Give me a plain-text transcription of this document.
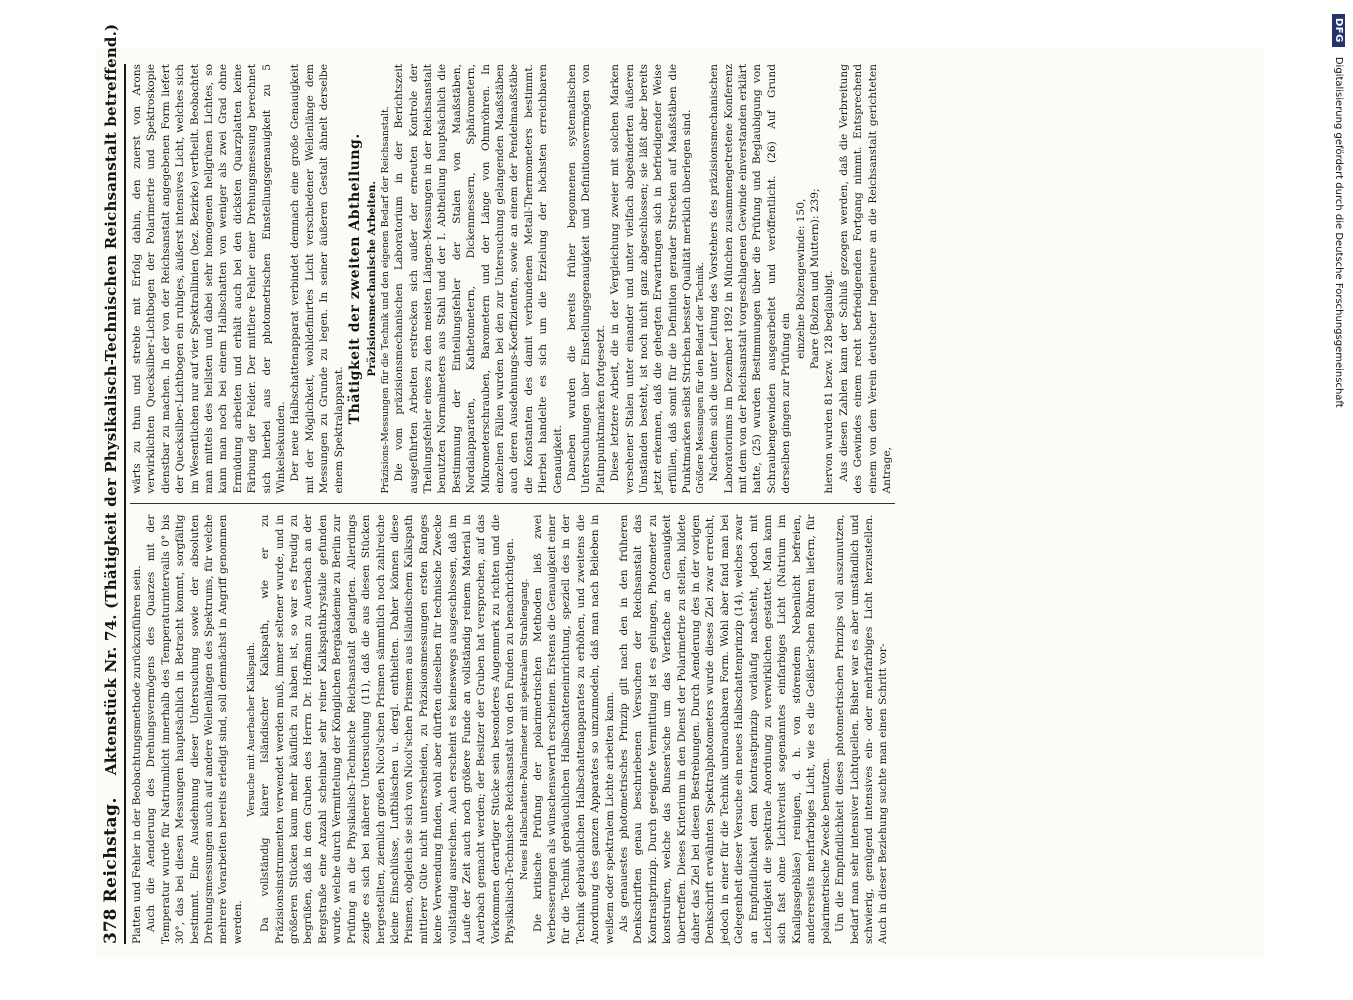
378
Reichstag.
Aktenstück Nr. 74. (Thätigkeit der Physikalisch-Technischen Reichsanstalt betreffend.) Platten und Fehler in der Beobachtungsmethode zurückzuführen sein. Auch die Aenderung des Drehungsvermögens des Quarzes mit der Temperatur wurde für Natriumlicht innerhalb des Temperaturintervalls 0° bis 30°, das bei diesen Messungen hauptsächlich in Betracht kommt, sorgfältig bestimmt. Eine Ausdehnung dieser Untersuchung sowie der absoluten Drehungsmessungen auch auf andere Wellenlängen des Spektrums, für welche mehrere Vorarbeiten bereits erledigt sind, soll demnächst in Angriff genommen werden.

Versuche mit Auerbacher Kalkspath. Da vollständig klarer Isländischer Kalkspath, wie er zu Präzisionsinstrumenten verwendet werden muß, immer seltener wurde, und in größeren Stücken kaum mehr käuflich zu haben ist, so war es freudig zu begrüßen, daß in den Gruben des Herrn Dr. Hoffmann zu Auerbach an der Bergstraße eine Anzahl scheinbar sehr reiner Kalkspathkrystalle gefunden wurde, welche durch Vermittelung der Königlichen Bergakademie zu Berlin zur Prüfung an die Physikalisch-Technische Reichsanstalt gelangten. Allerdings zeigte es sich bei näherer Untersuchung (11), daß die aus diesen Stücken hergestellten, ziemlich großen Nicol'schen Prismen sämmtlich noch zahlreiche kleine Einschlüsse, Luftbläschen u. dergl. enthielten. Daher können diese Prismen, obgleich sie sich von Nicol'schen Prismen aus Isländischem Kalkspath mittlerer Güte nicht unterscheiden, zu Präzisionsmessungen ersten Ranges keine Verwendung finden, wohl aber dürften dieselben für technische Zwecke vollständig ausreichen. Auch erscheint es keineswegs ausgeschlossen, daß im Laufe der Zeit auch noch größere Funde an vollständig reinem Material in Auerbach gemacht werden; der Besitzer der Gruben hat versprochen, auf das Vorkommen derartiger Stücke sein besonderes Augenmerk zu richten und die Physikalisch-Technische Reichsanstalt von den Funden zu benachrichtigen. Neues Halbschatten-Polarimeter mit spektralem Strahlengang. Die kritische Prüfung der polarimetrischen Methoden ließ zwei Verbesserungen als wünschenswerth erscheinen. Erstens die Genauigkeit einer für die Technik gebräuchlichen Halbschatteneinrichtung, speziell des in der Technik gebräuchlichen Halbschattenapparates zu erhöhen, und zweitens die Anordnung des ganzen Apparates so umzumodeln, daß man nach Belieben in weißem oder spektralem Lichte arbeiten kann. Als genauestes photometrisches Prinzip gilt nach den in den früheren Denkschriften genau beschriebenen Versuchen der Reichsanstalt das Kontrastprinzip. Durch geeignete Vermittlung ist es gelungen, Photometer zu konstruiren, welche das Bunsen'sche um das Vierfache an Genauigkeit übertreffen. Dieses Kriterium in den Dienst der Polarimetrie zu stellen, bildete daher das Ziel bei diesen Bestrebungen. Durch Aenderung des in der vorigen Denkschrift erwähnten Spektralphotometers wurde dieses Ziel zwar erreicht, jedoch in einer für die Technik unbrauchbaren Form. Wohl aber fand man bei Gelegenheit dieser Versuche ein neues Halbschattenprinzip (14), welches zwar an Empfindlichkeit dem Kontrastprinzip vorläufig nachsteht, jedoch mit Leichtigkeit die spektrale Anordnung zu verwirklichen gestattet. Man kann sich fast ohne Lichtverlust sogenanntes einfarbiges Licht (Natrium im Knallgasgebläse) reinigen, d. h. von störendem Nebenlicht befreien, andererseits mehrfarbiges Licht, wie es die Geißler'schen Röhren liefern, für polarimetrische Zwecke benutzen. Um die Empfindlichkeit dieses photometrischen Prinzips voll auszunutzen, bedarf man sehr intensiver Lichtquellen. Bisher war es aber umständlich und schwierig, genügend intensives ein- oder mehrfarbiges Licht herzustellen. Auch in dieser Beziehung suchte man einen Schritt vor-

wärts zu thun und strebte mit Erfolg dahin, den zuerst von Arons verwirklichten Quecksilber-Lichtbogen der Polarimetrie und Spektroskopie dienstbar zu machen. In der von der Reichsanstalt angegebenen Form liefert der Quecksilber-Lichtbogen ein ruhiges, äußerst intensives Licht, welches sich im Wesentlichen nur auf vier Spektrallinien (bez. Bezirke) vertheilt. Beobachtet man mittels des hellsten und dabei sehr homogenen hellgrünen Lichtes, so kann man noch bei einem Halbschatten von weniger als zwei Grad ohne Ermüdung arbeiten und erhält auch bei den dicksten Quarzplatten keine Färbung der Felder. Der mittlere Fehler einer Drehungsmessung berechnet sich hierbei aus der photometrischen Einstellungsgenauigkeit zu 5 Winkelsekunden. Der neue Halbschattenapparat verbindet demnach eine große Genauigkeit mit der Möglichkeit, wohldefinirtes Licht verschiedener Wellenlänge dem Messungen zu Grunde zu legen. In seiner äußeren Gestalt ähnelt derselbe einem Spektralapparat.

Thätigkeit der zweiten Abtheilung. Präzisionsmechanische Arbeiten. Präzisions-Messungen für die Technik und den eigenen Bedarf der Reichsanstalt. Die vom präzisionsmechanischen Laboratorium in der Berichtszeit ausgeführten Arbeiten erstrecken sich außer der erneuten Kontrole der Theilungsfehler eines zu den meisten Längen-Messungen in der Reichsanstalt benutzten Normalmeters aus Stahl und der I. Abtheilung hauptsächlich die Bestimmung der Einteilungsfehler der Stalen von Maaßstäben, Nordalapparaten, Kathetometern, Dickenmessern, Sphärometern, Mikrometerschrauben, Barometern und der Länge von Ohmröhren. In einzelnen Fällen wurden bei den zur Untersuchung gelangenden Maaßstäben auch deren Ausdehnungs-Koeffizienten, sowie an einem der Pendelmaaßstäbe die Konstanten des damit verbundenen Metall-Thermometers bestimmt. Hierbei handelte es sich um die Erzielung der höchsten erreichbaren Genauigkeit. Daneben wurden die bereits früher begonnenen systematischen Untersuchungen über Einstellungsgenauigkeit und Definitionsvermögen von Platinpunktmarken fortgesetzt. Diese letztere Arbeit, die in der Vergleichung zweier mit solchen Marken versehener Stalen unter einander und unter vielfach abgeänderten äußeren Umständen besteht, ist noch nicht ganz abgeschlossen; sie läßt aber bereits jetzt erkennen, daß die gehegten Erwartungen sich in befriedigender Weise erfüllen, daß somit für die Definition gerader Strecken auf Maaßstäben die Punktmarken selbst Strichen besster Qualität merklich überlegen sind. Größere Messungen für den Bedarf der Technik. Nachdem sich die unter Leitung des Vorstehers des präzisionsmechanischen Laboratoriums im Dezember 1892 in München zusammengetretene Konferenz mit dem von der Reichsanstalt vorgeschlagenen Gewinde einverstanden erklärt hatte, (25) wurden Bestimmungen über die Prüfung und Beglaubigung von Schraubengewinden ausgearbeitet und veröffentlicht. (26) Auf Grund derselben gingen zur Prüfung ein

einzelne Bolzengewinde: 150, Paare (Bolzen und Muttern): 239; hiervon wurden 81 bezw. 128 beglaubigt. Aus diesen Zahlen kann der Schluß gezogen werden, daß die Verbreitung des Gewindes einem recht befriedigenden Fortgang nimmt. Entsprechend einem von dem Verein deutscher Ingenieure an die Reichsanstalt gerichteten Antrage,

DFG
Digitalisierung gefördert durch die Deutsche Forschungsgemeinschaft
